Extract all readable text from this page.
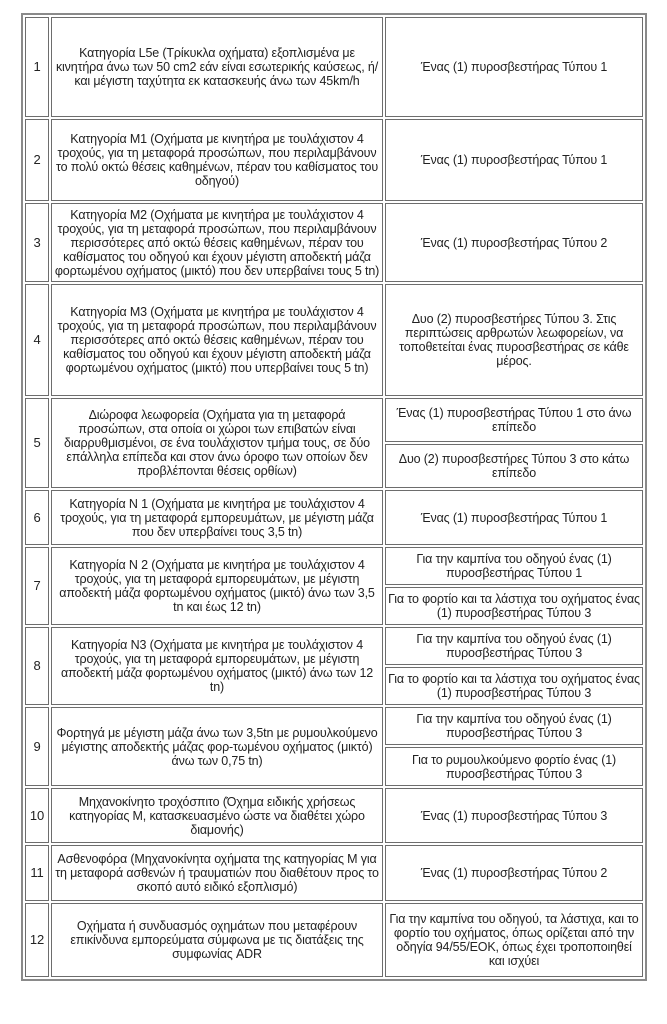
1	Κατηγορία L5e (Τρίκυκλα οχήματα) εξοπλισμένα με κινητήρα άνω των 50 cm2 εάν είναι εσωτερικής καύσεως, ή/και μέγιστη ταχύτητα εκ κατασκευής άνω των 45km/h	Ένας (1) πυροσβεστήρας Τύπου 1
2	Κατηγορία Μ1 (Οχήματα με κινητήρα με τουλάχιστον 4 τροχούς, για τη μεταφορά προσώπων, που περιλαμβάνουν το πολύ οκτώ θέσεις καθημένων, πέραν του καθίσματος του οδηγού)	Ένας (1) πυροσβεστήρας Τύπου 1
3	Κατηγορία Μ2 (Οχήματα με κινητήρα με τουλάχιστον 4 τροχούς, για τη μεταφορά προσώπων, που περιλαμβάνουν περισσότερες από οκτώ θέσεις καθημένων, πέραν του καθίσματος του οδηγού και έχουν μέγιστη αποδεκτή μάζα φορτωμένου οχήματος (μικτό) που δεν υπερβαίνει τους 5 tn)	Ένας (1) πυροσβεστήρας Τύπου 2
4	Κατηγορία Μ3 (Οχήματα με κινητήρα με τουλάχιστον 4 τροχούς, για τη μεταφορά προσώπων, που περιλαμβάνουν περισσότερες από οκτώ θέσεις καθημένων, πέραν του καθίσματος του οδηγού και έχουν μέγιστη αποδεκτή μάζα φορτωμένου οχήματος (μικτό) που υπερβαίνει τους 5 tn)	Δυο (2) πυροσβεστήρες Τύπου 3. Στις περιπτώσεις αρθρωτών λεωφορείων, να τοποθετείται ένας πυροσβεστήρας σε κάθε μέρος.
5	Διώροφα λεωφορεία (Οχήματα για τη μεταφορά προσώπων, στα οποία οι χώροι των επιβατών είναι διαρρυθμισμένοι, σε ένα τουλάχιστον τμήμα τους, σε δύο επάλληλα επίπεδα και στον άνω όροφο των οποίων δεν προβλέπονται θέσεις ορθίων)	Ένας (1) πυροσβεστήρας Τύπου 1 στο άνω επίπεδο
		Δυο (2) πυροσβεστήρες Τύπου 3 στο κάτω επίπεδο
6	Κατηγορία Ν 1 (Οχήματα με κινητήρα με τουλάχιστον 4 τροχούς, για τη μεταφορά εμπορευμάτων, με μέγιστη μάζα που δεν υπερβαίνει τους 3,5 tn)	Ένας (1) πυροσβεστήρας Τύπου 1
7	Κατηγορία Ν 2 (Οχήματα με κινητήρα με τουλάχιστον 4 τροχούς, για τη μεταφορά εμπορευμάτων, με μέγιστη αποδεκτή μάζα φορτωμένου οχήματος (μικτό) άνω των 3,5 tn και έως 12 tn)	Για την καμπίνα του οδηγού ένας (1) πυροσβεστήρας Τύπου 1
		Για το φορτίο και τα λάστιχα του οχήματος ένας (1) πυροσβεστήρας Τύπου 3
8	Κατηγορία Ν3 (Οχήματα με κινητήρα με τουλάχιστον 4 τροχούς, για τη μεταφορά εμπορευμάτων, με μέγιστη αποδεκτή μάζα φορτωμένου οχήματος (μικτό) άνω των 12 tn)	Για την καμπίνα του οδηγού ένας (1) πυροσβεστήρας Τύπου 3
		Για το φορτίο και τα λάστιχα του οχήματος ένας (1) πυροσβεστήρας Τύπου 3
9	Φορτηγά με μέγιστη μάζα άνω των 3,5tn με ρυμουλκούμενο μέγιστης αποδεκτής μάζας φορ-τωμένου οχήματος (μικτό) άνω των 0,75 tn)	Για την καμπίνα του οδηγού ένας (1) πυροσβεστήρας Τύπου 3
		Για το ρυμουλκούμενο φορτίο ένας (1) πυροσβεστήρας Τύπου 3
10	Μηχανοκίνητο τροχόσπιτο (Όχημα ειδικής χρήσεως κατηγορίας Μ, κατασκευασμένο ώστε να διαθέτει χώρο διαμονής)	Ένας (1) πυροσβεστήρας Τύπου 3
11	Ασθενοφόρα (Μηχανοκίνητα οχήματα της κατηγορίας Μ για τη μεταφορά ασθενών ή τραυματιών που διαθέτουν προς το σκοπό αυτό ειδικό εξοπλισμό)	Ένας (1) πυροσβεστήρας Τύπου 2
12	Οχήματα ή συνδυασμός οχημάτων που μεταφέρουν επικίνδυνα εμπορεύματα σύμφωνα με τις διατάξεις της συμφωνίας ADR	Για την καμπίνα του οδηγού, τα λάστιχα, και το φορτίο του οχήματος, όπως ορίζεται από την οδηγία 94/55/ΕΟΚ, όπως έχει τροποποιηθεί και ισχύει
